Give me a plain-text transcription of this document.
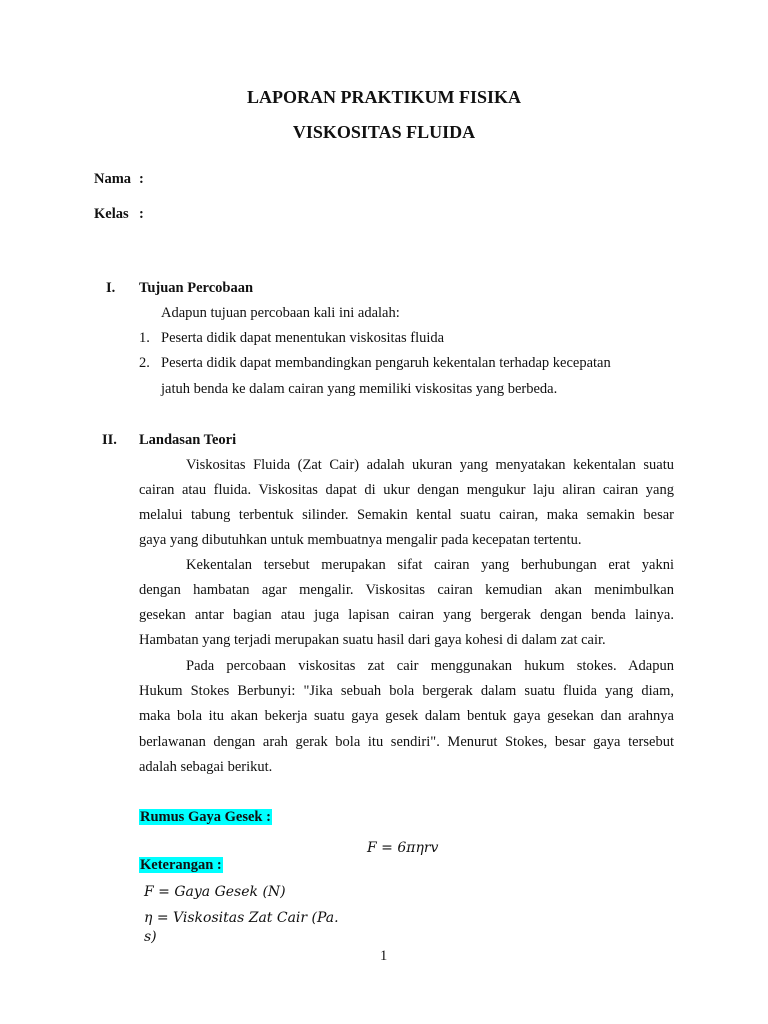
LAPORAN PRAKTIKUM FISIKA
VISKOSITAS FLUIDA
Nama :
Kelas :
I. Tujuan Percobaan
Adapun tujuan percobaan kali ini adalah:
1. Peserta didik dapat menentukan viskositas fluida
2. Peserta didik dapat membandingkan pengaruh kekentalan terhadap kecepatan
jatuh benda ke dalam cairan yang memiliki viskositas yang berbeda.
II. Landasan Teori
Viskositas Fluida (Zat Cair) adalah ukuran yang menyatakan kekentalan suatu
cairan atau fluida. Viskositas dapat di ukur dengan mengukur laju aliran cairan yang
melalui tabung terbentuk silinder. Semakin kental suatu cairan, maka semakin besar
gaya yang dibutuhkan untuk membuatnya mengalir pada kecepatan tertentu.
Kekentalan tersebut merupakan sifat cairan yang berhubungan erat yakni
dengan hambatan agar mengalir. Viskositas cairan kemudian akan menimbulkan
gesekan antar bagian atau juga lapisan cairan yang bergerak dengan benda lainya.
Hambatan yang terjadi merupakan suatu hasil dari gaya kohesi di dalam zat cair.
Pada percobaan viskositas zat cair menggunakan hukum stokes. Adapun
Hukum Stokes Berbunyi: "Jika sebuah bola bergerak dalam suatu fluida yang diam,
maka bola itu akan bekerja suatu gaya gesek dalam bentuk gaya gesekan dan arahnya
berlawanan dengan arah gerak bola itu sendiri". Menurut Stokes, besar gaya tersebut
adalah sebagai berikut.
Rumus Gaya Gesek :
F = 6πηrv
Keterangan :
F = Gaya Gesek (N)
η = Viskositas Zat Cair (Pa.
s)
1
